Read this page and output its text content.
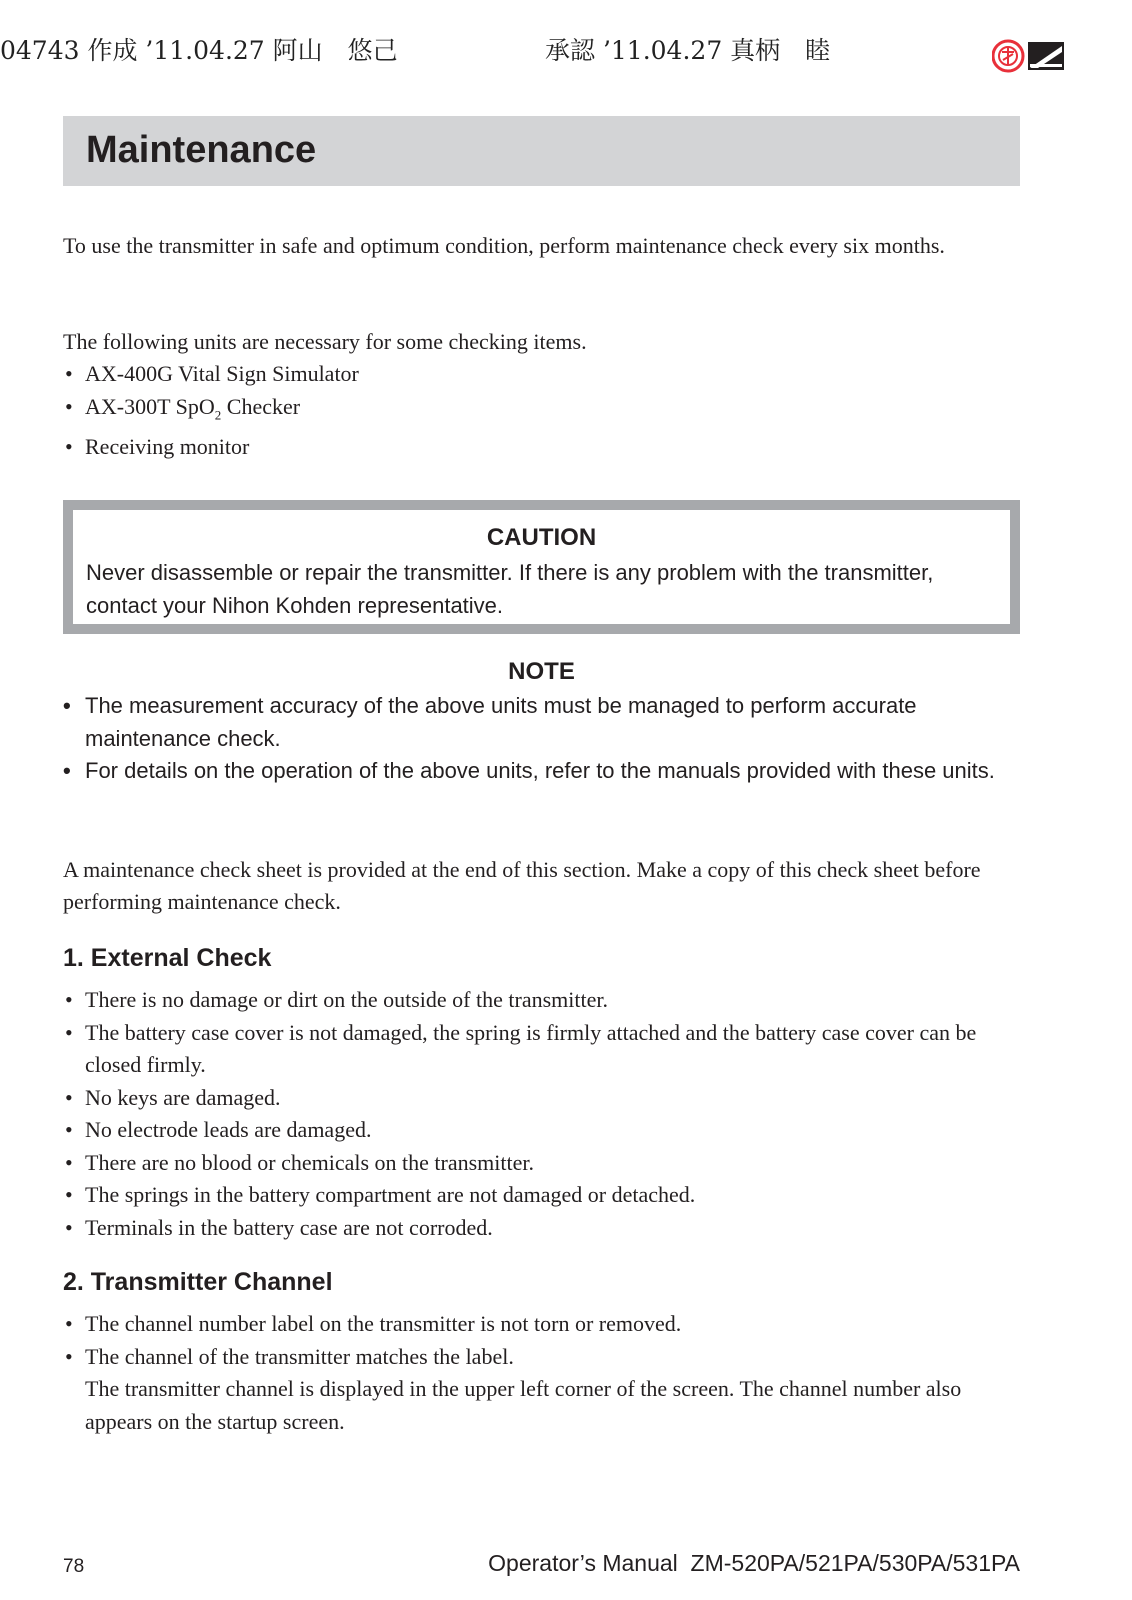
04743 作成 ’11.04.27 阿山　悠己

	承認 ’11.04.27 真柄　睦

Maintenance

To use the transmitter in safe and optimum condition, perform maintenance check every six months.

The following units are necessary for some checking items.

• AX-400G Vital Sign Simulator
• AX-300T SpO$_2$ Checker
• Receiving monitor
CAUTION
Never disassemble or repair the transmitter. If there is any problem with the transmitter, contact your Nihon Kohden representative.
NOTE
• The measurement accuracy of the above units must be managed to perform accurate maintenance check.
• For details on the operation of the above units, refer to the manuals provided with these units.

A maintenance check sheet is provided at the end of this section. Make a copy of this check sheet before performing maintenance check.

1. External Check
• There is no damage or dirt on the outside of the transmitter.
• The battery case cover is not damaged, the spring is firmly attached and the battery case cover can be closed firmly.
• No keys are damaged.
• No electrode leads are damaged.
• There are no blood or chemicals on the transmitter.
• The springs in the battery compartment are not damaged or detached.
• Terminals in the battery case are not corroded.
2. Transmitter Channel
• The channel number label on the transmitter is not torn or removed.
• The channel of the transmitter matches the label.
The transmitter channel is displayed in the upper left corner of the screen. The channel number also appears on the startup screen.
78	Operator’s Manual  ZM-520PA/521PA/530PA/531PA
